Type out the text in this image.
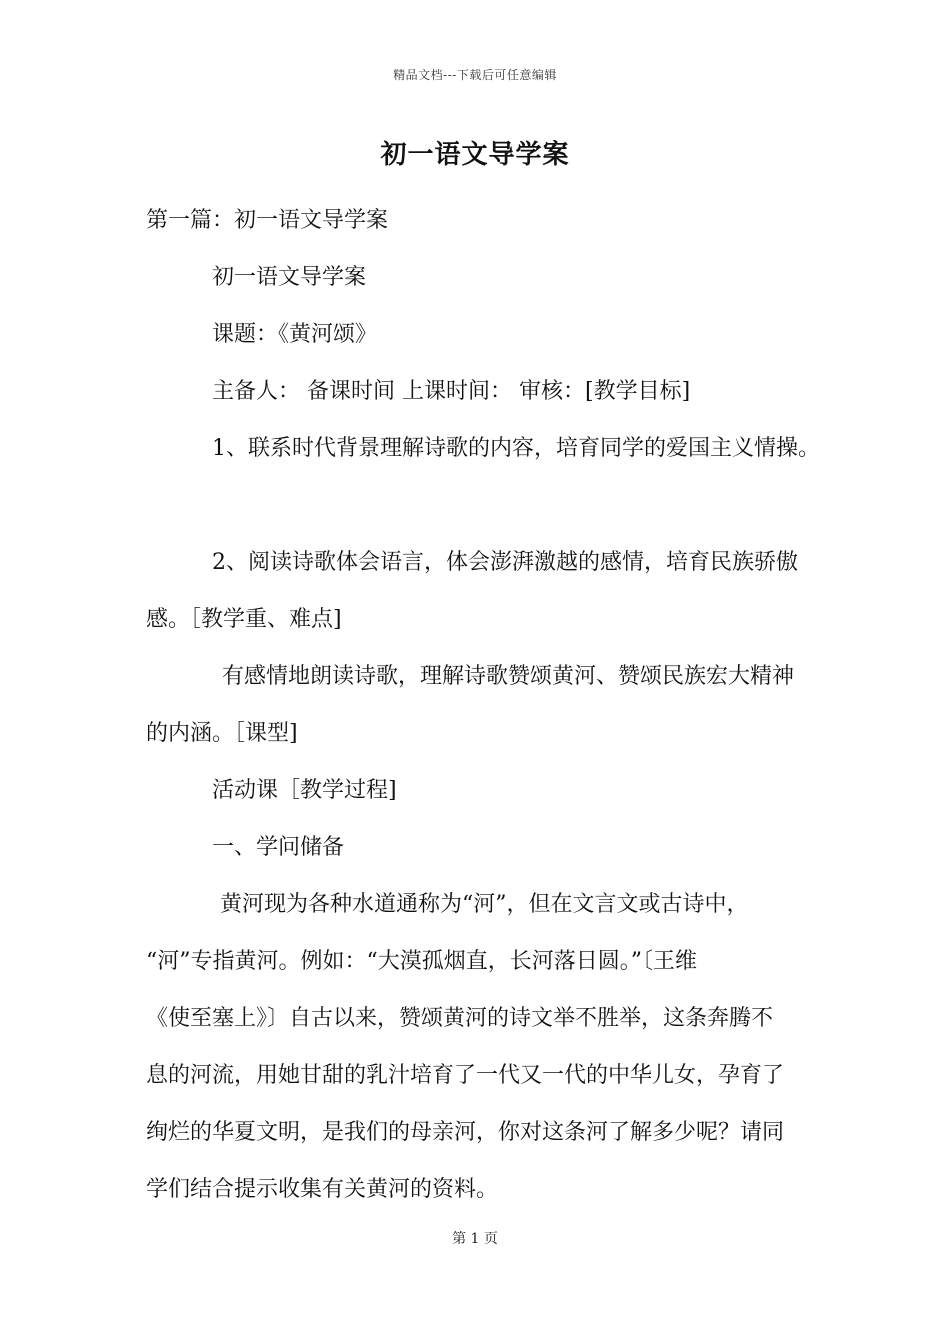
精品文档---下载后可任意编辑
初一语文导学案
第一篇：初一语文导学案
初一语文导学案
课题：《黄河颂》
主备人： 备课时间 上课时间： 审核：[教学目标]
1、联系时代背景理解诗歌的内容，培育同学的爱国主义情操。
2、阅读诗歌体会语言，体会澎湃激越的感情，培育民族骄傲
感。［教学重、难点]
有感情地朗读诗歌，理解诗歌赞颂黄河、赞颂民族宏大精神
的内涵。［课型]
活动课［教学过程]
一、学问储备
黄河现为各种水道通称为“河”，但在文言文或古诗中，
“河”专指黄河。例如：“大漠孤烟直，长河落日圆。”〔王维
《使至塞上》〕自古以来，赞颂黄河的诗文举不胜举，这条奔腾不
息的河流，用她甘甜的乳汁培育了一代又一代的中华儿女，孕育了
绚烂的华夏文明，是我们的母亲河，你对这条河了解多少呢？请同
学们结合提示收集有关黄河的资料。
第 1 页
